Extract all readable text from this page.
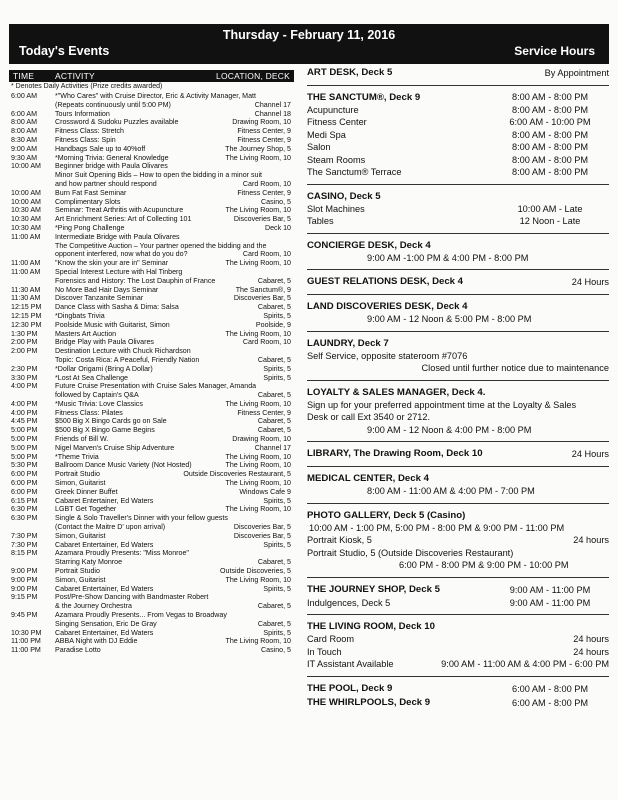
Thursday - February 11, 2016
Today's Events	Service Hours
TIME ACTIVITY	LOCATION, DECK
* Denotes Daily Activities (Prize credits awarded)
6:00 AM	*"Who Cares" with Cruise Director, Eric & Activity Manager, Matt
(Repeats continuously until 5:00 PM)	Channel 17
6:00 AM	Tours Information	Channel 18
8:00 AM	Crossword & Sudoku Puzzles available	Drawing Room, 10
8:00 AM	Fitness Class: Stretch	Fitness Center, 9
8:30 AM	Fitness Class: Spin	Fitness Center, 9
9:00 AM	Handbags Sale up to 40%off	The Journey Shop, 5
9:30 AM	*Morning Trivia: General Knowledge	The Living Room, 10
10:00 AM Beginner bridge with Paula Olivares
Minor Suit Opening Bids – How to open the bidding in a minor suit
and how partner should respond	Card Room, 10
10:00 AM Burn Fat Fast Seminar	Fitness Center, 9
10:00 AM Complimentary Slots	Casino, 5
10:30 AM Seminar: Treat Arthritis with Acupuncture	The Living Room, 10
10:30 AM Art Enrichment Series: Art of Collecting 101	Discoveries Bar, 5
10:30 AM *Ping Pong Challenge	Deck 10
11:00 AM Intermediate Bridge with Paula Olivares
The Competitive Auction – Your partner opened the bidding and the
opponent interfered, now what do you do?	Card Room, 10
11:00 AM "Know the skin your are in" Seminar	The Living Room, 10
11:00 AM Special Interest Lecture with Hal Tinberg
Forensics and History: The Lost Dauphin of France	Cabaret, 5
11:30 AM No More Bad Hair Days Seminar	The Sanctum®, 9
11:30 AM Discover Tanzanite Seminar	Discoveries Bar, 5
12:15 PM Dance Class with Sasha & Dima: Salsa	Cabaret, 5
12:15 PM *Dingbats Trivia	Spirits, 5
12:30 PM Poolside Music with Guitarist, Simon	Poolside, 9
1:30 PM Masters Art Auction	The Living Room, 10
2:00 PM Bridge Play with Paula Olivares	Card Room, 10
2:00 PM Destination Lecture with Chuck Richardson
Topic: Costa Rica: A Peaceful, Friendly Nation	Cabaret, 5
2:30 PM *Dollar Origami (Bring A Dollar)	Spirits, 5
3:30 PM *Lost At Sea Challenge	Spirits, 5
4:00 PM Future Cruise Presentation with Cruise Sales Manager, Amanda
followed by Captain's Q&A	Cabaret, 5
4:00 PM *Music Trivia: Love Classics	The Living Room, 10
4:00 PM Fitness Class: Pilates	Fitness Center, 9
4:45 PM $500 Big X Bingo Cards go on Sale	Cabaret, 5
5:00 PM $500 Big X Bingo Game Begins	Cabaret, 5
5:00 PM Friends of Bill W.	Drawing Room, 10
5:00 PM Nigel Marven's Cruise Ship Adventure	Channel 17
5:00 PM *Theme Trivia	The Living Room, 10
5:30 PM Ballroom Dance Music Variety (Not Hosted)	The Living Room, 10
6:00 PM Portrait Studio	Outside Discoveries Restaurant, 5
6:00 PM Simon, Guitarist	The Living Room, 10
6:00 PM Greek Dinner Buffet	Windows Cafe 9
6:15 PM Cabaret Entertainer, Ed Waters	Spirits, 5
6:30 PM LGBT Get Together	The Living Room, 10
6:30 PM Single & Solo Traveller's Dinner with your fellow guests
(Contact the Maitre D' upon arrival)	Discoveries Bar, 5
7:30 PM Simon, Guitarist	Discoveries Bar, 5
7:30 PM Cabaret Entertainer, Ed Waters	Spirits, 5
8:15 PM Azamara Proudly Presents: "Miss Monroe"
Starring Katy Monroe	Cabaret, 5
9:00 PM Portrait Studio	Outside Discoveries, 5
9:00 PM Simon, Guitarist	The Living Room, 10
9:00 PM Cabaret Entertainer, Ed Waters	Spirits, 5
9:15 PM Post/Pre-Show Dancing with Bandmaster Robert
& the Journey Orchestra	Cabaret, 5
9:45 PM Azamara Proudly Presents... From Vegas to Broadway
Singing Sensation, Eric De Gray	Cabaret, 5
10:30 PM Cabaret Entertainer, Ed Waters	Spirits, 5
11:00 PM ABBA Night with DJ Eddie	The Living Room, 10
11:00 PM Paradise Lotto	Casino, 5
ART DESK, Deck 5	By Appointment
THE SANCTUM®, Deck 9	8:00 AM - 8:00 PM
Acupuncture	8:00 AM - 8:00 PM
Fitness Center	6:00 AM - 10:00 PM
Medi Spa	8:00 AM - 8:00 PM
Salon	8:00 AM - 8:00 PM
Steam Rooms	8:00 AM - 8:00 PM
The Sanctum® Terrace	8:00 AM - 8:00 PM
CASINO, Deck 5
Slot Machines	10:00 AM - Late
Tables	12 Noon - Late
CONCIERGE DESK, Deck 4
9:00 AM -1:00 PM & 4:00 PM - 8:00 PM
GUEST RELATIONS DESK, Deck 4	24 Hours
LAND DISCOVERIES DESK, Deck 4
9:00 AM - 12 Noon & 5:00 PM - 8:00 PM
LAUNDRY, Deck 7
Self Service, opposite stateroom #7076
Closed until further notice due to maintenance
LOYALTY & SALES MANAGER, Deck 4.
Sign up for your preferred appointment time at the Loyalty & Sales
Desk or call Ext 3540 or 2712.
9:00 AM - 12 Noon & 4:00 PM - 8:00 PM
LIBRARY, The Drawing Room, Deck 10	24 Hours
MEDICAL CENTER, Deck 4
8:00 AM - 11:00 AM & 4:00 PM - 7:00 PM
PHOTO GALLERY, Deck 5 (Casino)
10:00 AM - 1:00 PM, 5:00 PM - 8:00 PM & 9:00 PM - 11:00 PM
Portrait Kiosk, 5	24 hours
Portrait Studio, 5 (Outside Discoveries Restaurant)
6:00 PM - 8:00 PM & 9:00 PM - 10:00 PM
THE JOURNEY SHOP, Deck 5	9:00 AM - 11:00 PM
Indulgences, Deck 5	9:00 AM - 11:00 PM
THE LIVING ROOM, Deck 10
Card Room	24 hours
In Touch	24 hours
IT Assistant Available	9:00 AM - 11:00 AM & 4:00 PM - 6:00 PM
THE POOL, Deck 9	6:00 AM - 8:00 PM
THE WHIRLPOOLS, Deck 9	6:00 AM - 8:00 PM
